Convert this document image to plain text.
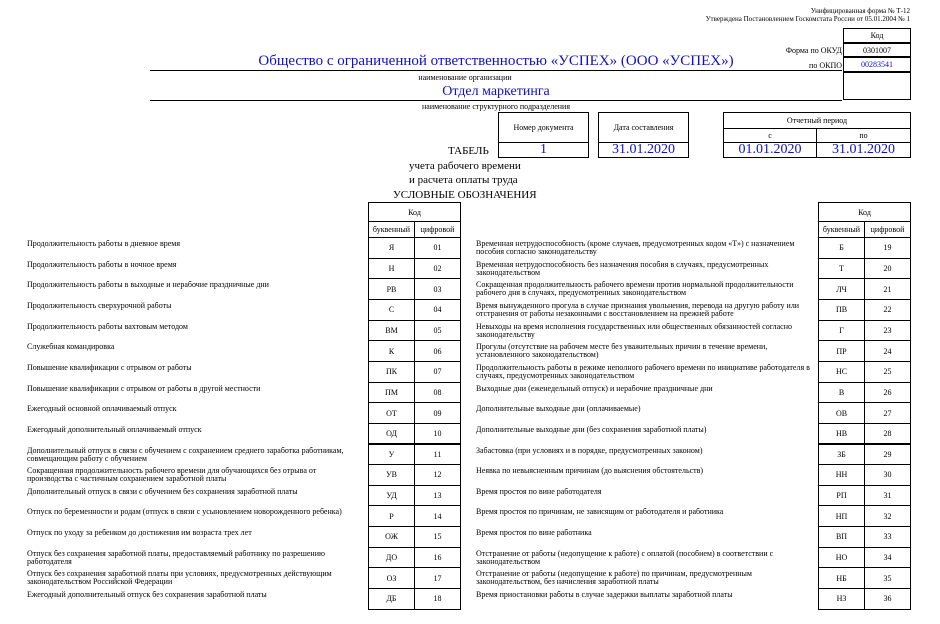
Унифицированная форма № Т-12
Утверждена Постановлением Госкомстата России от 05.01.2004 № 1
Код
Форма по ОКУД	0301007
по ОКПО	00283541
Общество с ограниченной ответственностью «УСПЕХ» (ООО «УСПЕХ»)
наименование организации
Отдел маркетинга
наименование структурного подразделения
Номер документа	Дата составления
1	31.01.2020
Отчетный период
с	по
01.01.2020	31.01.2020
ТАБЕЛЬ
учета рабочего времени
и расчета оплаты труда
УСЛОВНЫЕ ОБОЗНАЧЕНИЯ
Код
буквенный	цифровой
Код
буквенный	цифровой
Продолжительность работы в дневное время	Я	01
Продолжительность работы в ночное время	Н	02
Продолжительность работы в выходные и нерабочие праздничные дни	РВ	03
Продолжительность сверхурочной работы	С	04
Продолжительность работы вахтовым методом	ВМ	05
Служебная командировка	К	06
Повышение квалификации с отрывом от работы	ПК	07
Повышение квалификации с отрывом от работы в другой местности	ПМ	08
Ежегодный основной оплачиваемый отпуск	ОТ	09
Ежегодный дополнительный оплачиваемый отпуск	ОД	10
Дополнительный отпуск в связи с обучением с сохранением среднего заработка работникам, совмещающим работу с обучением	У	11
Сокращенная продолжительность рабочего времени для обучающихся без отрыва от производства с частичным сохранением заработной платы	УВ	12
Дополнительный отпуск в связи с обучением без сохранения заработной платы	УД	13
Отпуск по беременности и родам (отпуск в связи с усыновлением новорожденного ребенка)	Р	14
Отпуск по уходу за ребенком до достижения им возраста трех лет	ОЖ	15
Отпуск без сохранения заработной платы, предоставляемый работнику по разрешению работодателя	ДО	16
Отпуск без сохранения заработной платы при условиях, предусмотренных действующим законодательством Российской Федерации	ОЗ	17
Ежегодный дополнительный отпуск без сохранения заработной платы	ДБ	18
Временная нетрудоспособность (кроме случаев, предусмотренных кодом «Т») с назначением пособия согласно законодательству	Б	19
Временная нетрудоспособность без назначения пособия в случаях, предусмотренных законодательством	Т	20
Сокращенная продолжительность рабочего времени против нормальной продолжительности рабочего дня в случаях, предусмотренных законодательством	ЛЧ	21
Время вынужденного прогула в случае признания увольнения, перевода на другую работу или отстранения от работы незаконными с восстановлением на прежней работе	ПВ	22
Невыходы на время исполнения государственных или общественных обязанностей согласно законодательству	Г	23
Прогулы (отсутствие на рабочем месте без уважительных причин в течение времени, установленного законодательством)	ПР	24
Продолжительность работы в режиме неполного рабочего времени по инициативе работодателя в случаях, предусмотренных законодательством	НС	25
Выходные дни (еженедельный отпуск) и нерабочие праздничные дни	В	26
Дополнительные выходные дни (оплачиваемые)	ОВ	27
Дополнительные выходные дни (без сохранения заработной платы)	НВ	28
Забастовка (при условиях и в порядке, предусмотренных законом)	ЗБ	29
Неявка по невыясненным причинам (до выяснения обстоятельств)	НН	30
Время простоя по вине работодателя	РП	31
Время простоя по причинам, не зависящим от работодателя и работника	НП	32
Время простоя по вине работника	ВП	33
Отстранение от работы (недопущение к работе) с оплатой (пособием) в соответствии с законодательством	НО	34
Отстранение от работы (недопущение к работе) по причинам, предусмотренным законодательством, без начисления заработной платы	НБ	35
Время приостановки работы в случае задержки выплаты заработной платы	НЗ	36
